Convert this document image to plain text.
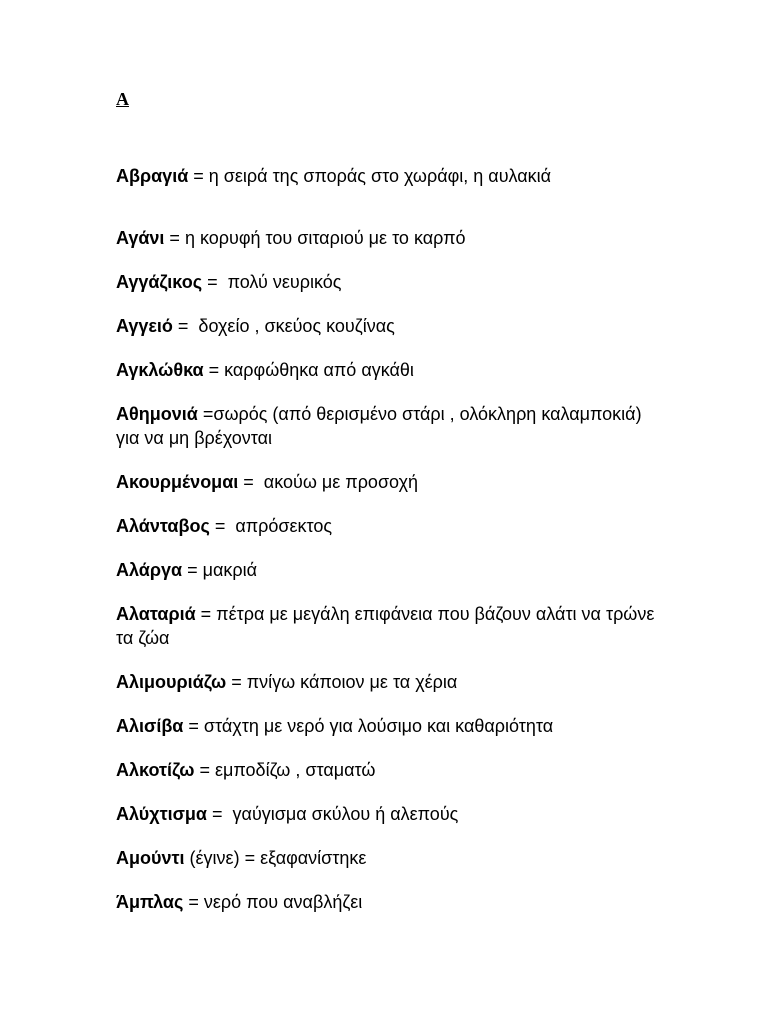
Α
Αβραγιά = η σειρά της σποράς στο χωράφι, η αυλακιά
Αγάνι = η κορυφή του σιταριού με το καρπό
Αγγάζικος =  πολύ νευρικός
Αγγειό =  δοχείο , σκεύος κουζίνας
Αγκλώθκα = καρφώθηκα από αγκάθι
Αθημονιά =σωρός (από θερισμένο στάρι , ολόκληρη καλαμποκιά) για να μη βρέχονται
Ακουρμένομαι =  ακούω με προσοχή
Αλάνταβος =  απρόσεκτος
Αλάργα = μακριά
Αλαταριά = πέτρα με μεγάλη επιφάνεια που βάζουν αλάτι να τρώνε τα ζώα
Αλιμουριάζω = πνίγω κάποιον με τα χέρια
Αλισίβα = στάχτη με νερό για λούσιμο και καθαριότητα
Αλκοτίζω = εμποδίζω , σταματώ
Αλύχτισμα =  γαύγισμα σκύλου ή αλεπούς
Αμούντι (έγινε) = εξαφανίστηκε
Άμπλας = νερό που αναβλήζει
